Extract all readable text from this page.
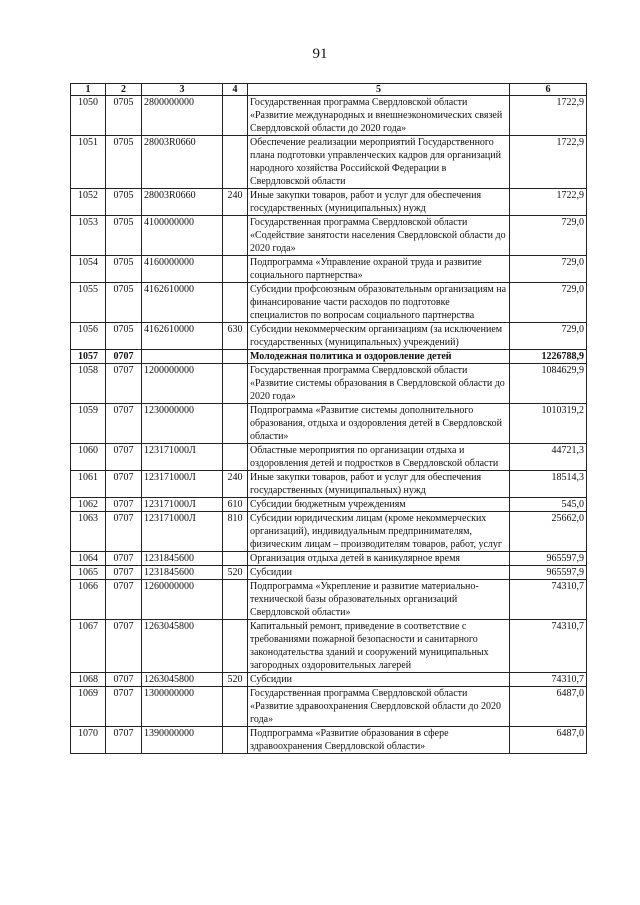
91
1	2	3	4	5	6
1050	0705	2800000000		Государственная программа Свердловской области «Развитие международных и внешнеэкономических связей Свердловской области до 2020 года»	1722,9
1051	0705	28003R0660		Обеспечение реализации мероприятий Государственного плана подготовки управленческих кадров для организаций народного хозяйства Российской Федерации в Свердловской области	1722,9
1052	0705	28003R0660	240	Иные закупки товаров, работ и услуг для обеспечения государственных (муниципальных) нужд	1722,9
1053	0705	4100000000		Государственная программа Свердловской области «Содействие занятости населения Свердловской области до 2020 года»	729,0
1054	0705	4160000000		Подпрограмма «Управление охраной труда и развитие социального партнерства»	729,0
1055	0705	4162610000		Субсидии профсоюзным образовательным организациям на финансирование части расходов по подготовке специалистов по вопросам социального партнерства	729,0
1056	0705	4162610000	630	Субсидии некоммерческим организациям (за исключением государственных (муниципальных) учреждений)	729,0
1057	0707			Молодежная политика и оздоровление детей	1226788,9
1058	0707	1200000000		Государственная программа Свердловской области «Развитие системы образования в Свердловской области до 2020 года»	1084629,9
1059	0707	1230000000		Подпрограмма «Развитие системы дополнительного образования, отдыха и оздоровления детей в Свердловской области»	1010319,2
1060	0707	123171000Л		Областные мероприятия по организации отдыха и оздоровления детей и подростков в Свердловской области	44721,3
1061	0707	123171000Л	240	Иные закупки товаров, работ и услуг для обеспечения государственных (муниципальных) нужд	18514,3
1062	0707	123171000Л	610	Субсидии бюджетным учреждениям	545,0
1063	0707	123171000Л	810	Субсидии юридическим лицам (кроме некоммерческих организаций), индивидуальным предпринимателям, физическим лицам – производителям товаров, работ, услуг	25662,0
1064	0707	1231845600		Организация отдыха детей в каникулярное время	965597,9
1065	0707	1231845600	520	Субсидии	965597,9
1066	0707	1260000000		Подпрограмма «Укрепление и развитие материально-технической базы образовательных организаций Свердловской области»	74310,7
1067	0707	1263045800		Капитальный ремонт, приведение в соответствие с требованиями пожарной безопасности и санитарного законодательства зданий и сооружений муниципальных загородных оздоровительных лагерей	74310,7
1068	0707	1263045800	520	Субсидии	74310,7
1069	0707	1300000000		Государственная программа Свердловской области «Развитие здравоохранения Свердловской области до 2020 года»	6487,0
1070	0707	1390000000		Подпрограмма «Развитие образования в сфере здравоохранения Свердловской области»	6487,0
